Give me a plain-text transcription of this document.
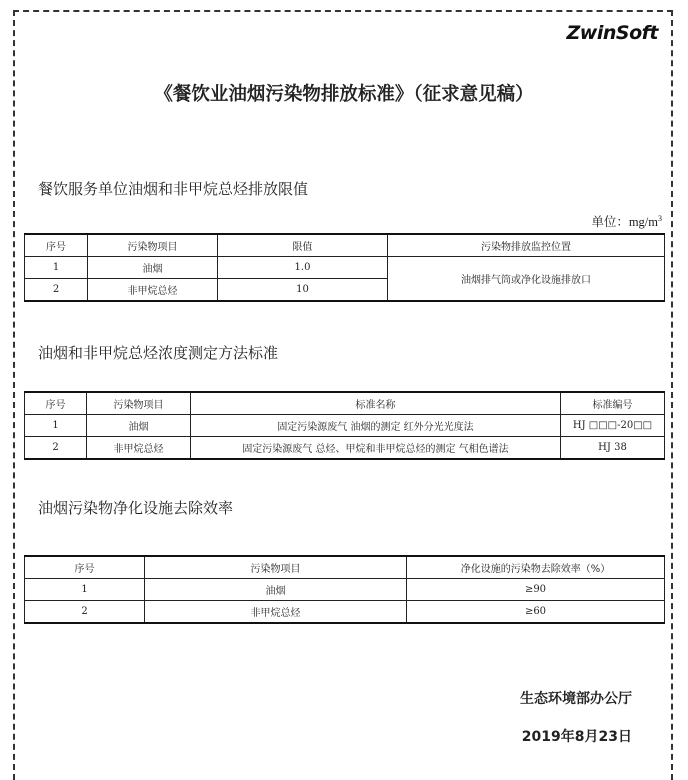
ZwinSoft
《餐饮业油烟污染物排放标准》（征求意见稿）
餐饮服务单位油烟和非甲烷总烃排放限值
单位：$mg/m^3$
序号	污染物项目	限值	污染物排放监控位置
1	油烟	1.0	油烟排气筒或净化设施排放口
2	非甲烷总烃	10	
油烟和非甲烷总烃浓度测定方法标准
序号	污染物项目	标准名称	标准编号
1	油烟	固定污染源废气 油烟的测定 红外分光光度法	HJ □□□-20□□
2	非甲烷总烃	固定污染源废气 总烃、甲烷和非甲烷总烃的测定 气相色谱法	HJ 38
油烟污染物净化设施去除效率
序号	污染物项目	净化设施的污染物去除效率（%）
1	油烟	≥90
2	非甲烷总烃	≥60
生态环境部办公厅
2019年8月23日
